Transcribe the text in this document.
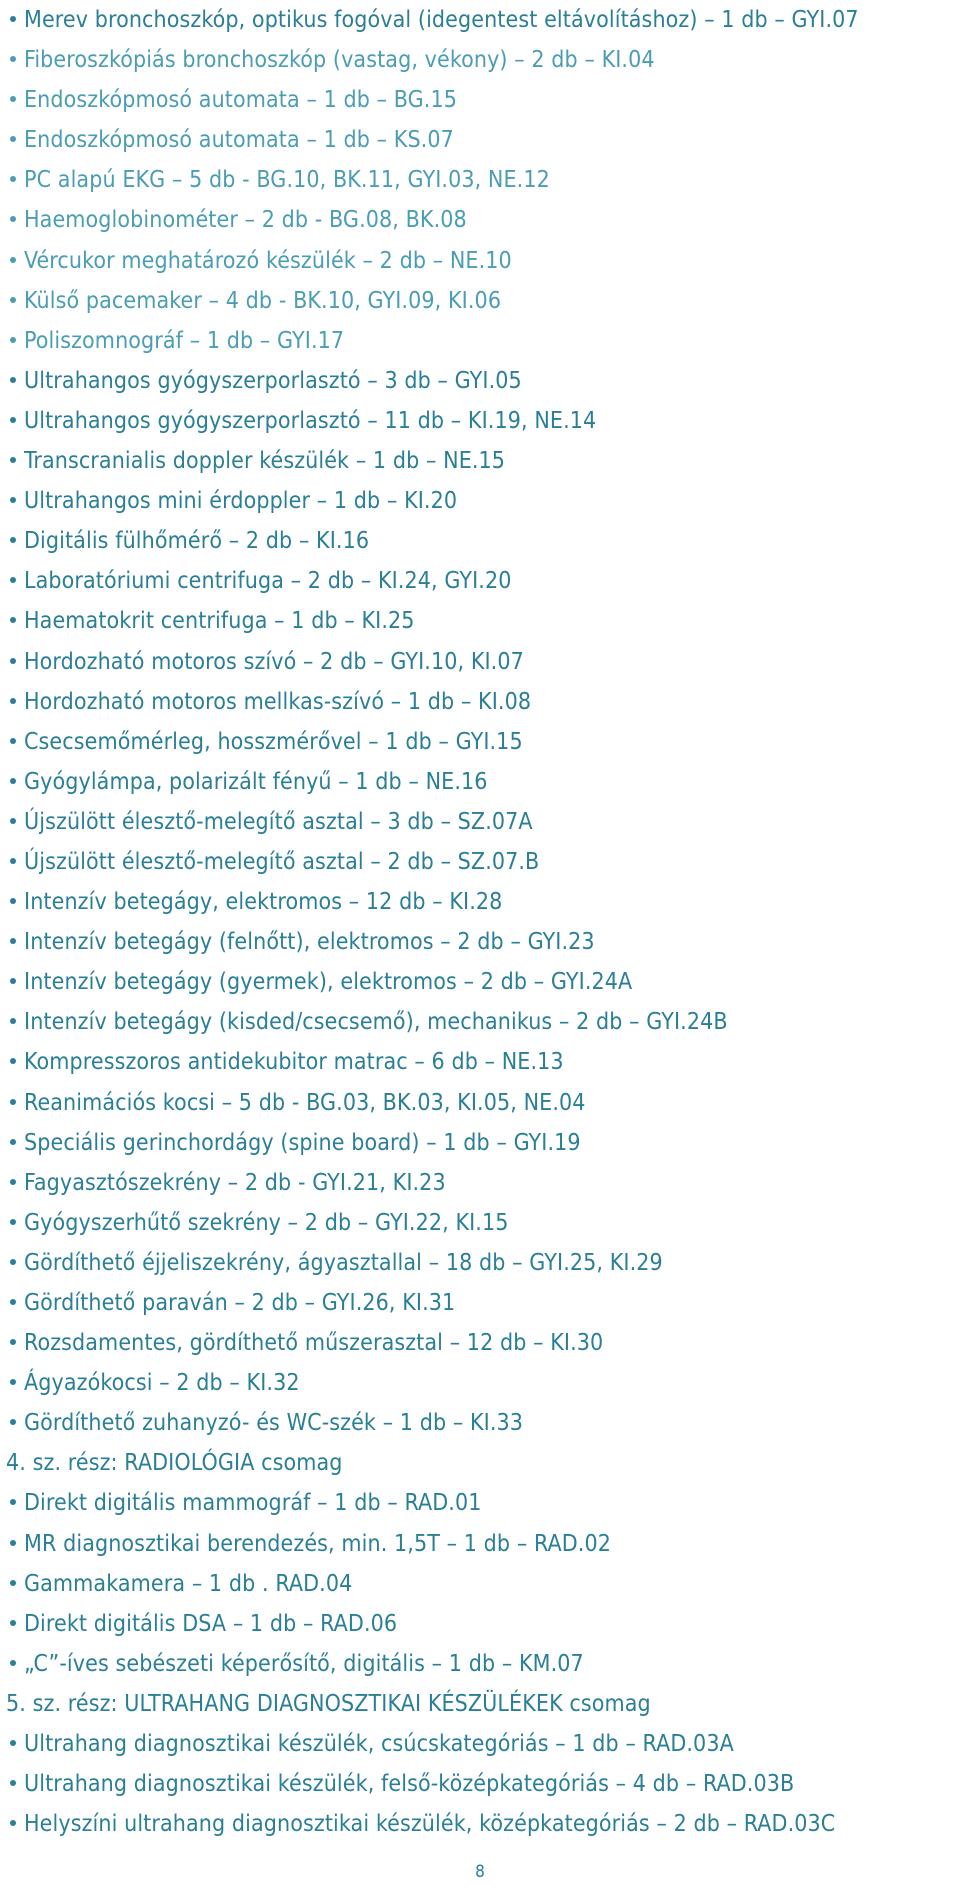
Merev bronchoszkóp, optikus fogóval (idegentest eltávolításhoz) – 1 db – GYI.07
Fiberoszkópiás bronchoszkóp (vastag, vékony) – 2 db – KI.04
Endoszkópmosó automata – 1 db – BG.15
Endoszkópmosó automata – 1 db – KS.07
PC alapú EKG – 5 db - BG.10, BK.11, GYI.03, NE.12
Haemoglobinométer – 2 db - BG.08, BK.08
Vércukor meghatározó készülék – 2 db – NE.10
Külső pacemaker – 4 db - BK.10, GYI.09, KI.06
Poliszomnográf – 1 db – GYI.17
Ultrahangos gyógyszerporlasztó – 3 db – GYI.05
Ultrahangos gyógyszerporlasztó – 11 db – KI.19, NE.14
Transcranialis doppler készülék – 1 db – NE.15
Ultrahangos mini érdoppler – 1 db – KI.20
Digitális fülhőmérő – 2 db – KI.16
Laboratóriumi centrifuga – 2 db – KI.24, GYI.20
Haematokrit centrifuga – 1 db – KI.25
Hordozható motoros szívó – 2 db – GYI.10, KI.07
Hordozható motoros mellkas-szívó – 1 db – KI.08
Csecsemőmérleg, hosszmérővel – 1 db – GYI.15
Gyógylámpa, polarizált fényű – 1 db – NE.16
Újszülött élesztő-melegítő asztal – 3 db – SZ.07A
Újszülött élesztő-melegítő asztal – 2 db – SZ.07.B
Intenzív betegágy, elektromos – 12 db – KI.28
Intenzív betegágy (felnőtt), elektromos – 2 db – GYI.23
Intenzív betegágy (gyermek), elektromos – 2 db – GYI.24A
Intenzív betegágy (kisded/csecsemő), mechanikus – 2 db – GYI.24B
Kompresszoros antidekubitor matrac – 6 db – NE.13
Reanimációs kocsi – 5 db - BG.03, BK.03, KI.05, NE.04
Speciális gerinchordágy (spine board) – 1 db – GYI.19
Fagyasztószekrény – 2 db - GYI.21, KI.23
Gyógyszerhűtő szekrény – 2 db – GYI.22, KI.15
Gördíthető éjjeliszekrény, ágyasztallal – 18 db – GYI.25, KI.29
Gördíthető paraván – 2 db – GYI.26, KI.31
Rozsdamentes, gördíthető műszerasztal – 12 db – KI.30
Ágyazókocsi – 2 db – KI.32
Gördíthető zuhanyzó- és WC-szék – 1 db – KI.33
4. sz. rész: RADIOLÓGIA csomag
Direkt digitális mammográf – 1 db – RAD.01
MR diagnosztikai berendezés, min. 1,5T – 1 db – RAD.02
Gammakamera – 1 db . RAD.04
Direkt digitális DSA – 1 db – RAD.06
„C”-íves sebészeti képerősítő, digitális – 1 db – KM.07
5. sz. rész: ULTRAHANG DIAGNOSZTIKAI KÉSZÜLÉKEK csomag
Ultrahang diagnosztikai készülék, csúcskategóriás – 1 db – RAD.03A
Ultrahang diagnosztikai készülék, felső-középkategóriás – 4 db – RAD.03B
Helyszíni ultrahang diagnosztikai készülék, középkategóriás – 2 db – RAD.03C
8
